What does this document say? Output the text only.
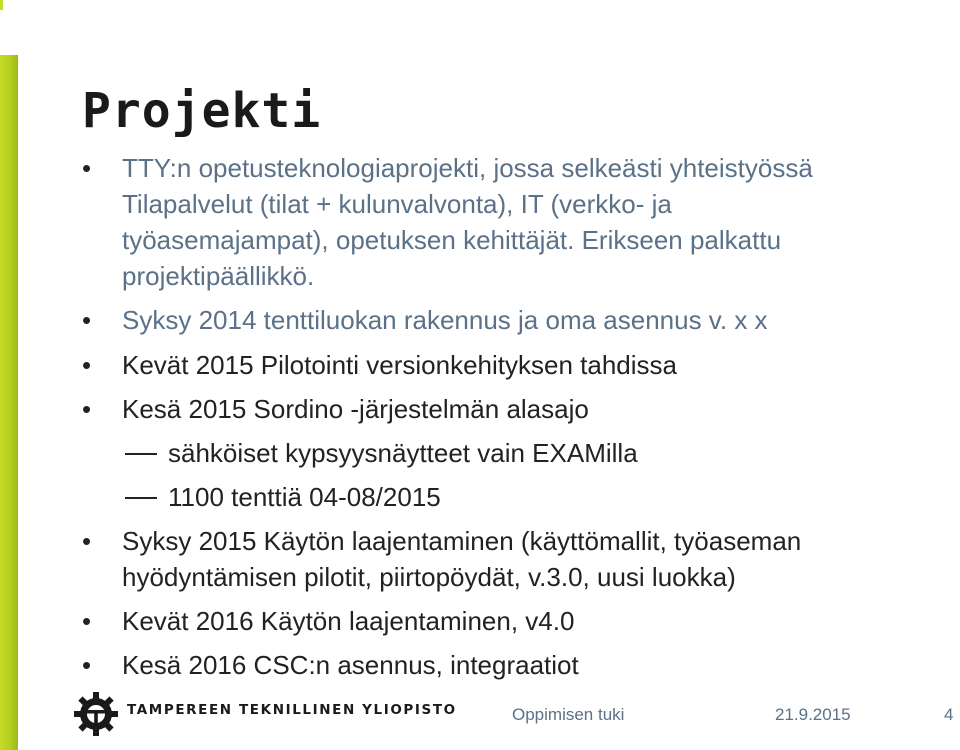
Projekti
• TTY:n opetusteknologiaprojekti, jossa selkeästi yhteistyössä
Tilapalvelut (tilat + kulunvalvonta), IT (verkko- ja
työasemajampat), opetuksen kehittäjät. Erikseen palkattu
projektipäällikkö.
• Syksy 2014 tenttiluokan rakennus ja oma asennus v. x x
• Kevät 2015 Pilotointi versionkehityksen tahdissa
• Kesä 2015 Sordino -järjestelmän alasajo
sähköiset kypsyysnäytteet vain EXAMilla
1100 tenttiä 04-08/2015
• Syksy 2015 Käytön laajentaminen (käyttömallit, työaseman
hyödyntämisen pilotit, piirtopöydät, v.3.0, uusi luokka)
• Kevät 2016 Käytön laajentaminen, v4.0
• Kesä 2016 CSC:n asennus, integraatiot
TAMPEREEN TEKNILLINEN YLIOPISTO	Oppimisen tuki	21.9.2015	4
